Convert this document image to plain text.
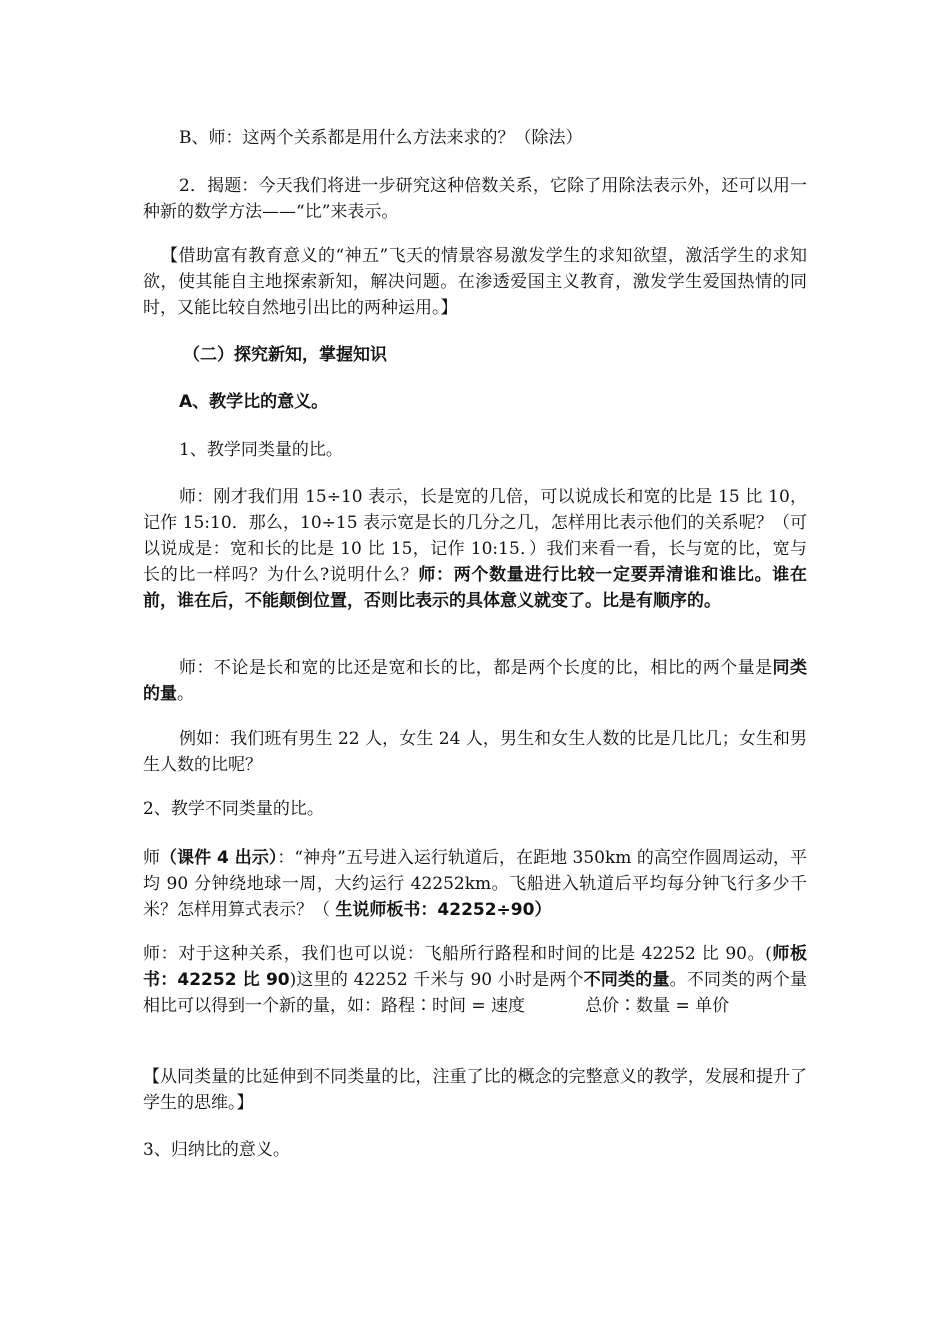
B、师：这两个关系都是用什么方法来求的？（除法）

2．揭题：今天我们将进一步研究这种倍数关系，它除了用除法表示外，还可以用一种新的数学方法——“比”来表示。

【借助富有教育意义的“神五”飞天的情景容易激发学生的求知欲望，激活学生的求知欲，使其能自主地探索新知，解决问题。在渗透爱国主义教育，激发学生爱国热情的同时，又能比较自然地引出比的两种运用。】

（二）探究新知，掌握知识

A、教学比的意义。

1、教学同类量的比。

师：刚才我们用 15÷10 表示，长是宽的几倍，可以说成长和宽的比是 15 比 10，记作 15:10．那么，10÷15 表示宽是长的几分之几，怎样用比表示他们的关系呢？（可以说成是：宽和长的比是 10 比 15，记作 10:15．）我们来看一看，长与宽的比，宽与长的比一样吗？为什么?说明什么？师：两个数量进行比较一定要弄清谁和谁比。谁在前，谁在后，不能颠倒位置，否则比表示的具体意义就变了。比是有顺序的。

师：不论是长和宽的比还是宽和长的比，都是两个长度的比，相比的两个量是同类的量。

例如：我们班有男生 22 人，女生 24 人，男生和女生人数的比是几比几；女生和男生人数的比呢？

2、教学不同类量的比。

师（课件 4 出示）：“神舟”五号进入运行轨道后，在距地 350km 的高空作圆周运动，平均 90 分钟绕地球一周，大约运行 42252km。飞船进入轨道后平均每分钟飞行多少千米？怎样用算式表示？（ 生说师板书：42252÷90）

师：对于这种关系，我们也可以说：飞船所行路程和时间的比是 42252 比 90。(师板书：42252 比 90)这里的 42252 千米与 90 小时是两个不同类的量。不同类的两个量相比可以得到一个新的量，如：路程∶时间 = 速度	总价∶数量 = 单价

【从同类量的比延伸到不同类量的比，注重了比的概念的完整意义的教学，发展和提升了学生的思维。】

3、归纳比的意义。
